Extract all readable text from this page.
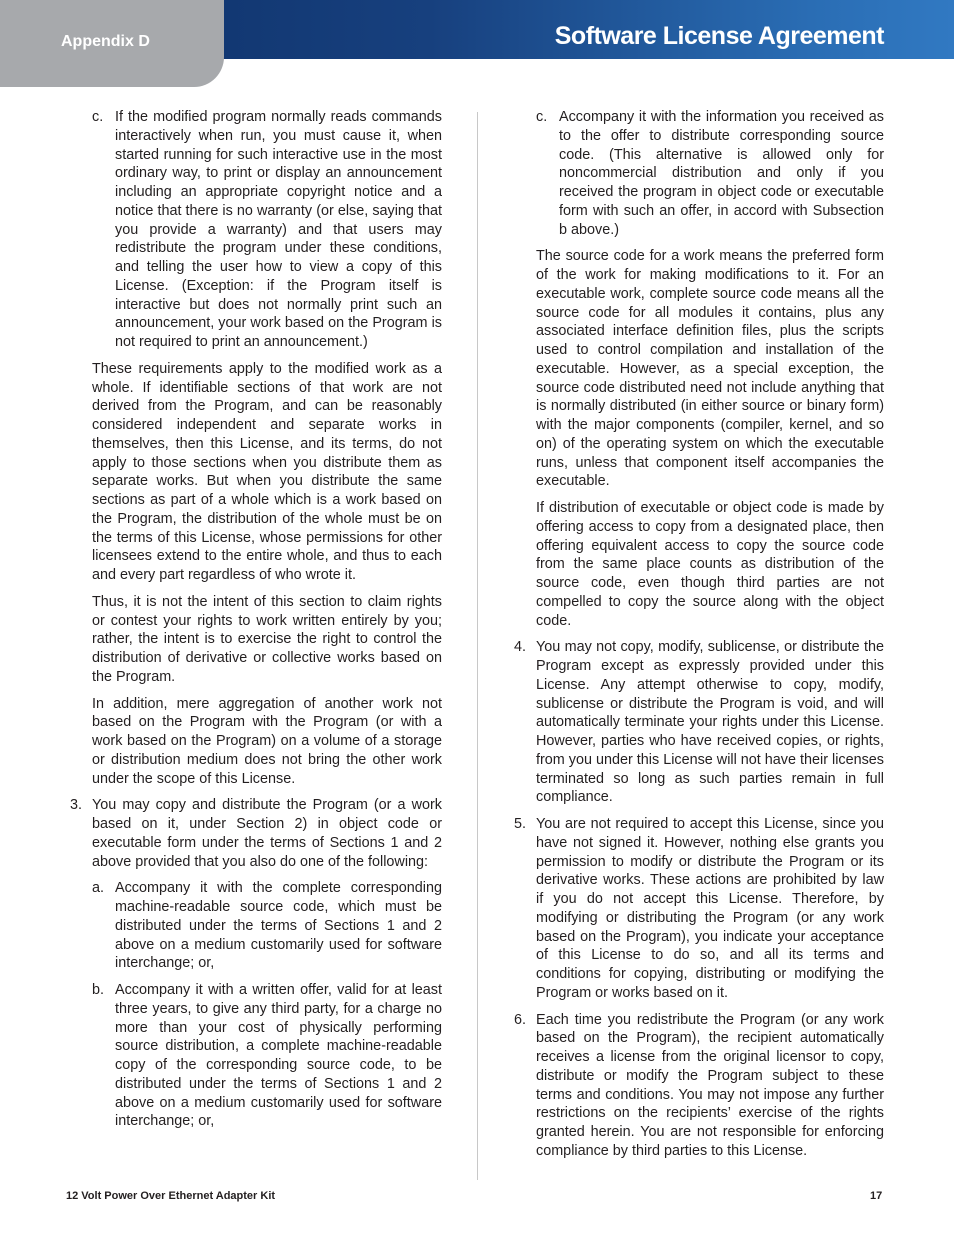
Software License Agreement
Appendix D
c. If the modified program normally reads commands interactively when run, you must cause it, when started running for such interactive use in the most ordinary way, to print or display an announcement including an appropriate copyright notice and a notice that there is no warranty (or else, saying that you provide a warranty) and that users may redistribute the program under these conditions, and telling the user how to view a copy of this License. (Exception: if the Program itself is interactive but does not normally print such an announcement, your work based on the Program is not required to print an announcement.)

These requirements apply to the modified work as a whole. If identifiable sections of that work are not derived from the Program, and can be reasonably considered independent and separate works in themselves, then this License, and its terms, do not apply to those sections when you distribute them as separate works. But when you distribute the same sections as part of a whole which is a work based on the Program, the distribution of the whole must be on the terms of this License, whose permissions for other licensees extend to the entire whole, and thus to each and every part regardless of who wrote it.

Thus, it is not the intent of this section to claim rights or contest your rights to work written entirely by you; rather, the intent is to exercise the right to control the distribution of derivative or collective works based on the Program.

In addition, mere aggregation of another work not based on the Program with the Program (or with a work based on the Program) on a volume of a storage or distribution medium does not bring the other work under the scope of this License.

3. You may copy and distribute the Program (or a work based on it, under Section 2) in object code or executable form under the terms of Sections 1 and 2 above provided that you also do one of the following:
a. Accompany it with the complete corresponding machine-readable source code, which must be distributed under the terms of Sections 1 and 2 above on a medium customarily used for software interchange; or,
b. Accompany it with a written offer, valid for at least three years, to give any third party, for a charge no more than your cost of physically performing source distribution, a complete machine-readable copy of the corresponding source code, to be distributed under the terms of Sections 1 and 2 above on a medium customarily used for software interchange; or,
c. Accompany it with the information you received as to the offer to distribute corresponding source code. (This alternative is allowed only for noncommercial distribution and only if you received the program in object code or executable form with such an offer, in accord with Subsection b above.)

The source code for a work means the preferred form of the work for making modifications to it. For an executable work, complete source code means all the source code for all modules it contains, plus any associated interface definition files, plus the scripts used to control compilation and installation of the executable. However, as a special exception, the source code distributed need not include anything that is normally distributed (in either source or binary form) with the major components (compiler, kernel, and so on) of the operating system on which the executable runs, unless that component itself accompanies the executable.

If distribution of executable or object code is made by offering access to copy from a designated place, then offering equivalent access to copy the source code from the same place counts as distribution of the source code, even though third parties are not compelled to copy the source along with the object code.

4. You may not copy, modify, sublicense, or distribute the Program except as expressly provided under this License. Any attempt otherwise to copy, modify, sublicense or distribute the Program is void, and will automatically terminate your rights under this License. However, parties who have received copies, or rights, from you under this License will not have their licenses terminated so long as such parties remain in full compliance.
5. You are not required to accept this License, since you have not signed it. However, nothing else grants you permission to modify or distribute the Program or its derivative works. These actions are prohibited by law if you do not accept this License. Therefore, by modifying or distributing the Program (or any work based on the Program), you indicate your acceptance of this License to do so, and all its terms and conditions for copying, distributing or modifying the Program or works based on it.
6. Each time you redistribute the Program (or any work based on the Program), the recipient automatically receives a license from the original licensor to copy, distribute or modify the Program subject to these terms and conditions. You may not impose any further restrictions on the recipients’ exercise of the rights granted herein. You are not responsible for enforcing compliance by third parties to this License.
12 Volt Power Over Ethernet Adapter Kit	17
